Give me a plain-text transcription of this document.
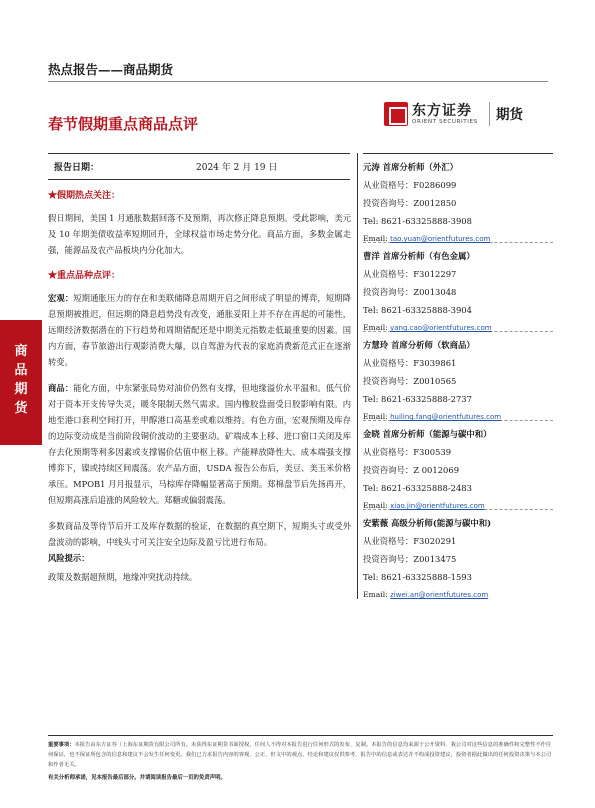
热点报告——商品期货
春节假期重点商品点评
东方证券
ORIENT SECURITIES 期货
商
品
期
货
报告日期：	2024 年 2 月 19 日
★假期热点关注：
假日期间，美国 1 月通胀数据回落不及预期，再次修正降息预期。受此影响，美元及 10 年期美债收益率短期回升，全球权益市场走势分化。商品方面，多数金属走强，能源品及农产品板块内分化加大。
★重点品种点评：
宏观：短期通胀压力的存在和美联储降息周期开启之间形成了明显的博弈，短期降息预期被推迟，但远期的降息趋势没有改变，通胀妥阳上并不存在再起的可能性，远期经济数据潜在的下行趋势和周期错配还是中期美元指数走低最重要的因素。国内方面，春节旅游出行观影消费大爆，以自驾游为代表的家庭消费新范式正在逐渐转变。
商品：能化方面，中东紧张局势对油价仍然有支撑，但地缘溢价水平温和。低气价对于资本开支传导失灵，暖冬限制天然气需求。国内橡胶盘面受日胶影响有限。内地至港口套利空间打开，甲醇港口高基差或难以维持。有色方面，宏观预期及库存的边际变动成是当前阶段铜价波动的主要驱动。矿端成本上移、进口窗口关闭及库存去化预期等利多因素或支撑锡价估值中枢上移。产能释放降性大、成本端强支撑博弈下，镍或持续区间震荡。农产品方面，USDA 报告公布后，美豆、美玉米价格承压。MPOB1 月月报显示，马棕库存降幅显著高于预期。郑棉盘节后先扬再开，但短期高涨后追涨的风险较大。郑糖或偏弱震荡。
多数商品及等待节后开工及库存数据的验证，在数据的真空期下，短期头寸或受外盘波动的影响，中线头寸可关注安全边际及盈亏比进行布局。
风险提示：
政策及数据超预期，地缘冲突扰动持续。
元涛 首席分析师（外汇）
从业资格号：F0286099
投资咨询号：Z0012850
Tel: 8621-63325888-3908
Email: tao.yuan@orientfutures.com
曹洋 首席分析师（有色金属）
从业资格号：F3012297
投资咨询号：Z0013048
Tel: 8621-63325888-3904
Email: yang.cao@orientfutures.com
方慧玲 首席分析师（软商品）
从业资格号：F3039861
投资咨询号：Z0010565
Tel: 8621-63325888-2737
Email: huiling.fang@orientfutures.com
金晓 首席分析师（能源与碳中和）
从业资格号：F300539
投资咨询号：Z 0012069
Tel: 8621-63325888-2483
Email: xiao.jin@orientfutures.com
安紫薇 高级分析师(能源与碳中和)
从业资格号：F3020291
投资咨询号：Z0013475
Tel: 8621-63325888-1593
Email: ziwei.an@orientfutures.com
重要事项：本报告由东方证券（上海东证期货有限公司所有。未获得东证期货书面授权，任何人不得对本报告进行任何形式的发布、复制。本报告的信息均来源于公开资料，我公司对这些信息的准确性和完整性不作任何保证，也不保证所包含的信息和建议不会发生任何变更。我们已力求报告内容的客观、公正，但文中的观点、结论和建议仅供参考，报告中的信息或表达并不构成投资建议，投资者据此做出的任何投资决策与本公司和作者无关。
有关分析师承诺，见本报告最后部分。并请阅读报告最后一页的免责声明。
